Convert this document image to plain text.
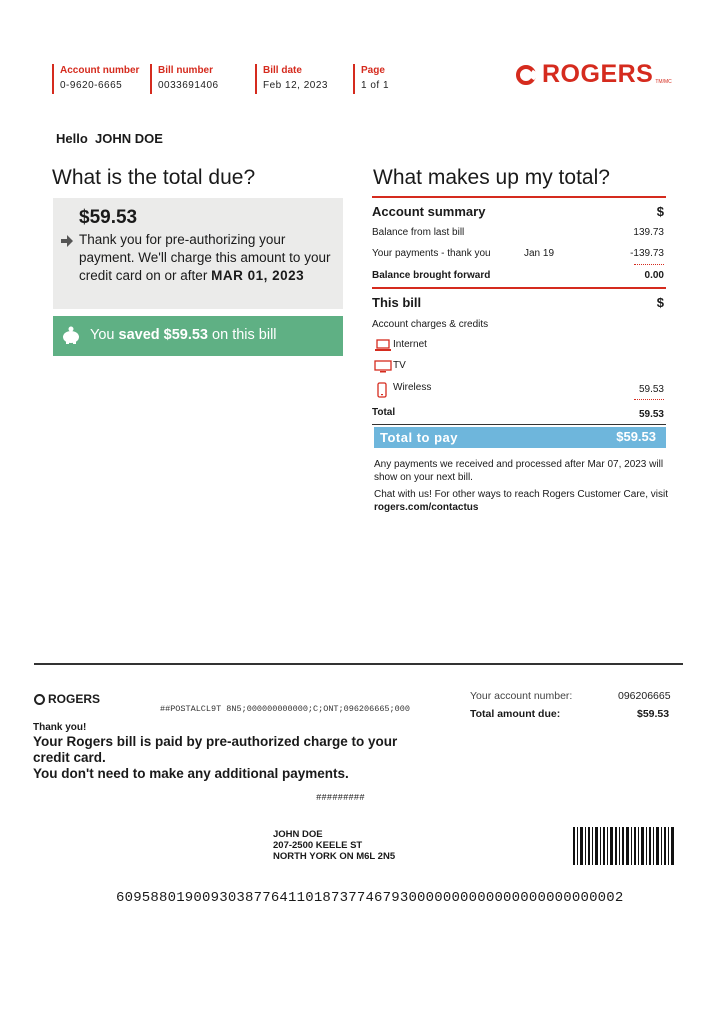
Account number
0-9620-6665
Bill number
0033691406
Bill date
Feb 12, 2023
Page
1 of 1	ROGERS TM/MC
Hello JOHN DOE
What is the total due?
$59.53
Thank you for pre-authorizing your payment. We'll charge this amount to your credit card on or after MAR 01, 2023
You saved $59.53 on this bill
What makes up my total?
Account summary	$
Balance from last bill	139.73
Your payments - thank you	Jan 19	-139.73
Balance brought forward	0.00
This bill	$
Account charges & credits
Internet
TV
Wireless	59.53
Total	59.53
Total to pay	$59.53
Any payments we received and processed after Mar 07, 2023 will show on your next bill.
Chat with us! For other ways to reach Rogers Customer Care, visit rogers.com/contactus
ROGERS
##POSTALCL9T 8N5;000000000000;C;ONT;096206665;000
Your account number:	096206665
Total amount due:	$59.53
Thank you!
Your Rogers bill is paid by pre-authorized charge to your credit card.
You don't need to make any additional payments.
#########
JOHN DOE
207-2500 KEELE ST
NORTH YORK ON M6L 2N5
60958801900930387764110187377467930000000000000000000000002
